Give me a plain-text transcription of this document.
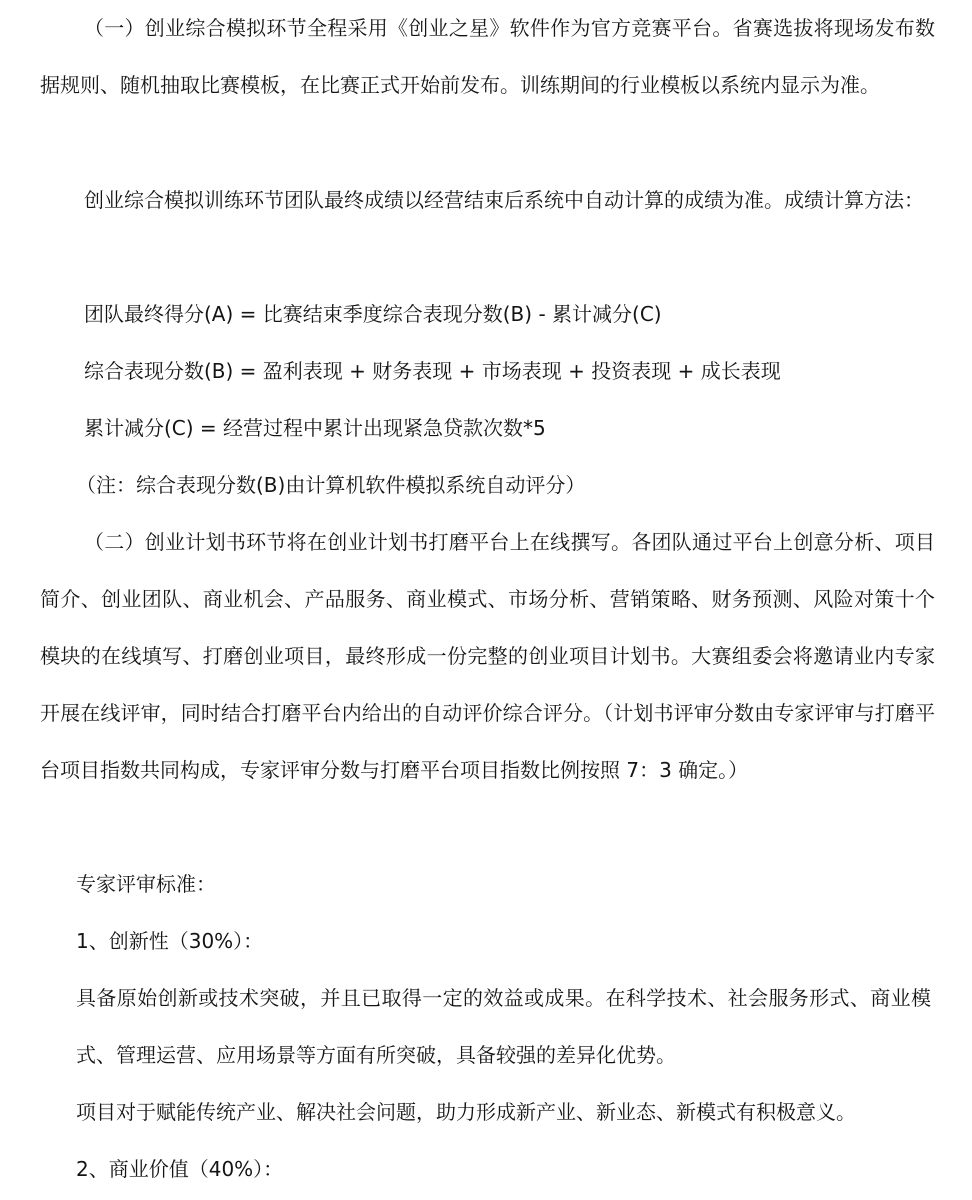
（一）创业综合模拟环节全程采用《创业之星》软件作为官方竞赛平台。省赛选拔将现场发布数据规则、随机抽取比赛模板，在比赛正式开始前发布。训练期间的行业模板以系统内显示为准。

创业综合模拟训练环节团队最终成绩以经营结束后系统中自动计算的成绩为准。成绩计算方法：

团队最终得分(A) = 比赛结束季度综合表现分数(B) - 累计减分(C)

综合表现分数(B) = 盈利表现 + 财务表现 + 市场表现 + 投资表现 + 成长表现

累计减分(C) = 经营过程中累计出现紧急贷款次数*5

（注：综合表现分数(B)由计算机软件模拟系统自动评分）

（二）创业计划书环节将在创业计划书打磨平台上在线撰写。各团队通过平台上创意分析、项目简介、创业团队、商业机会、产品服务、商业模式、市场分析、营销策略、财务预测、风险对策十个模块的在线填写、打磨创业项目，最终形成一份完整的创业项目计划书。大赛组委会将邀请业内专家开展在线评审，同时结合打磨平台内给出的自动评价综合评分。（计划书评审分数由专家评审与打磨平台项目指数共同构成，专家评审分数与打磨平台项目指数比例按照 7：3 确定。）

专家评审标准：

1、创新性（30%）：

具备原始创新或技术突破，并且已取得一定的效益或成果。在科学技术、社会服务形式、商业模式、管理运营、应用场景等方面有所突破，具备较强的差异化优势。

项目对于赋能传统产业、解决社会问题，助力形成新产业、新业态、新模式有积极意义。

2、商业价值（40%）：
